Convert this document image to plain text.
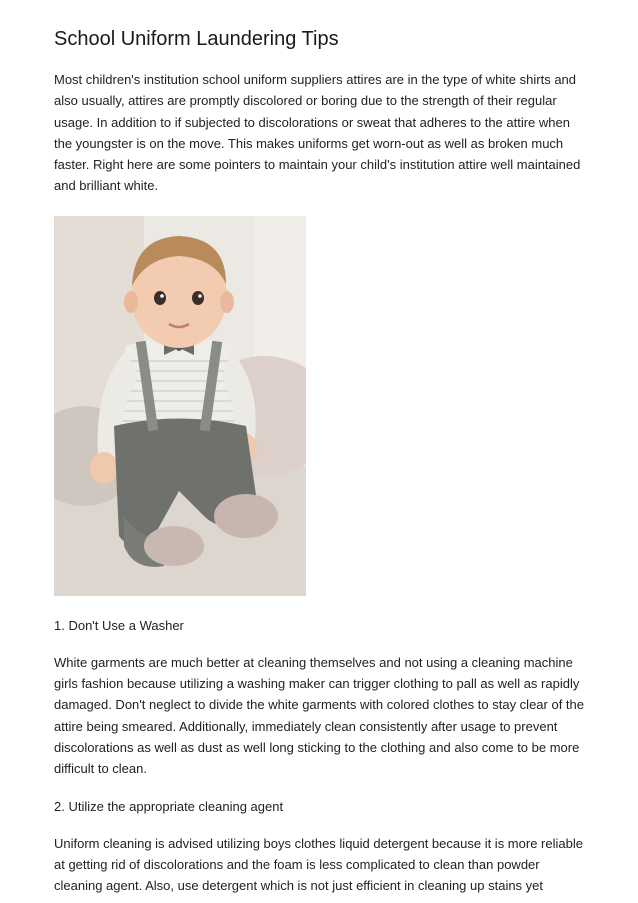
School Uniform Laundering Tips

Most children's institution school uniform suppliers attires are in the type of white shirts and also usually, attires are promptly discolored or boring due to the strength of their regular usage. In addition to if subjected to discolorations or sweat that adheres to the attire when the youngster is on the move. This makes uniforms get worn-out as well as broken much faster. Right here are some pointers to maintain your child's institution attire well maintained and brilliant white.

1. Don't Use a Washer

White garments are much better at cleaning themselves and not using a cleaning machine girls fashion because utilizing a washing maker can trigger clothing to pall as well as rapidly damaged. Don't neglect to divide the white garments with colored clothes to stay clear of the attire being smeared. Additionally, immediately clean consistently after usage to prevent discolorations as well as dust as well long sticking to the clothing and also come to be more difficult to clean.

2. Utilize the appropriate cleaning agent

Uniform cleaning is advised utilizing boys clothes liquid detergent because it is more reliable at getting rid of discolorations and the foam is less complicated to clean than powder cleaning agent. Also, use detergent which is not just efficient in cleaning up stains yet
